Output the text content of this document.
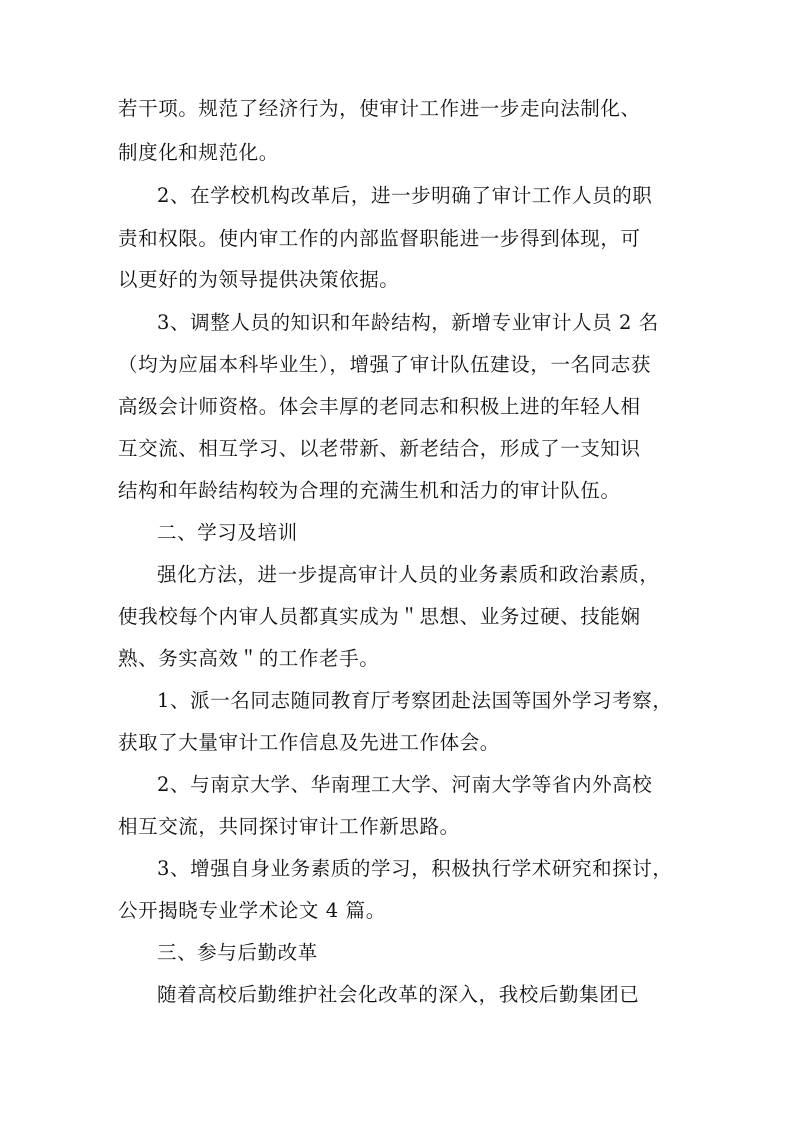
若干项。规范了经济行为，使审计工作进一步走向法制化、
制度化和规范化。
2、在学校机构改革后，进一步明确了审计工作人员的职
责和权限。使内审工作的内部监督职能进一步得到体现，可
以更好的为领导提供决策依据。
3、调整人员的知识和年龄结构，新增专业审计人员 2 名
（均为应届本科毕业生），增强了审计队伍建设，一名同志获
高级会计师资格。体会丰厚的老同志和积极上进的年轻人相
互交流、相互学习、以老带新、新老结合，形成了一支知识
结构和年龄结构较为合理的充满生机和活力的审计队伍。
二、学习及培训
强化方法，进一步提高审计人员的业务素质和政治素质，
使我校每个内审人员都真实成为＂思想、业务过硬、技能娴
熟、务实高效＂的工作老手。
1、派一名同志随同教育厅考察团赴法国等国外学习考察，
获取了大量审计工作信息及先进工作体会。
2、与南京大学、华南理工大学、河南大学等省内外高校
相互交流，共同探讨审计工作新思路。
3、增强自身业务素质的学习，积极执行学术研究和探讨，
公开揭晓专业学术论文 4 篇。
三、参与后勤改革
随着高校后勤维护社会化改革的深入，我校后勤集团已
